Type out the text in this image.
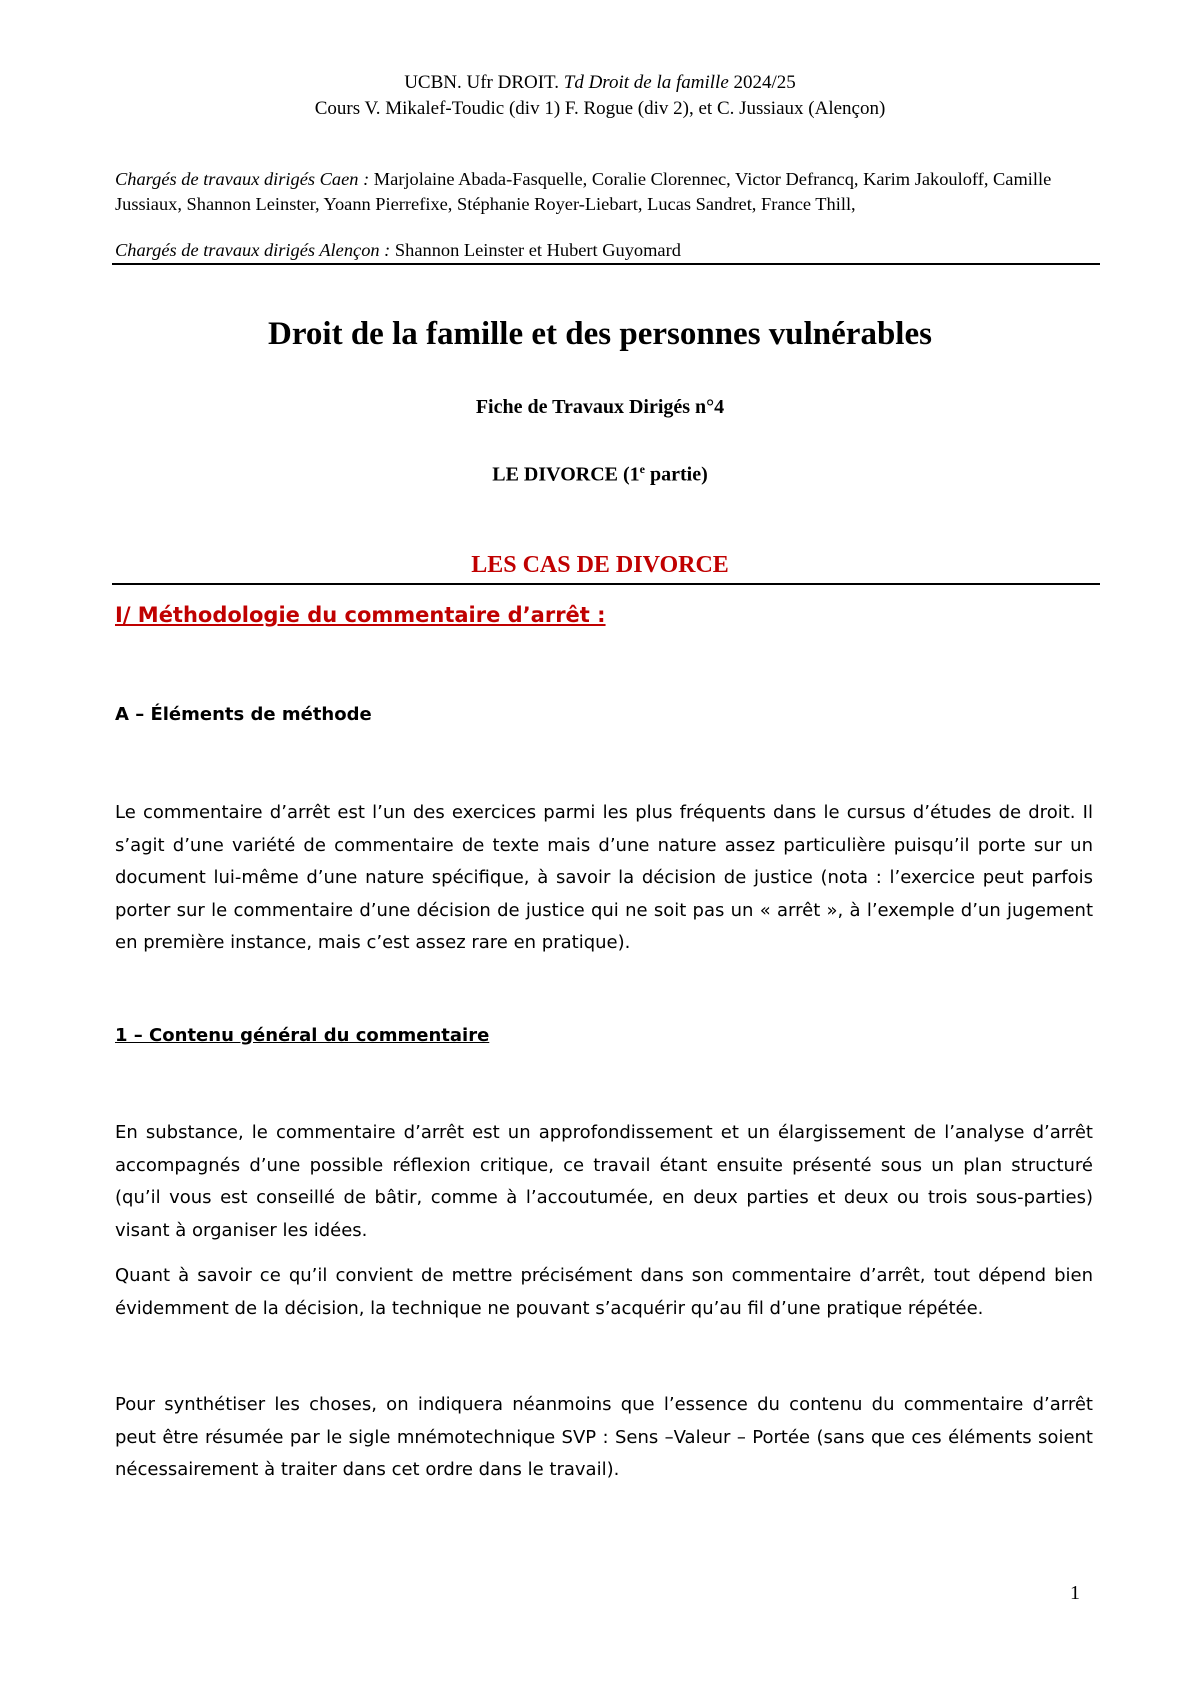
UCBN. Ufr DROIT. Td Droit de la famille 2024/25
Cours V. Mikalef-Toudic (div 1) F. Rogue (div 2), et C. Jussiaux (Alençon)
Chargés de travaux dirigés Caen : Marjolaine Abada-Fasquelle, Coralie Clorennec, Victor Defrancq, Karim Jakouloff, Camille Jussiaux, Shannon Leinster, Yoann Pierrefixe, Stéphanie Royer-Liebart, Lucas Sandret, France Thill,
Chargés de travaux dirigés Alençon : Shannon Leinster et Hubert Guyomard
Droit de la famille et des personnes vulnérables
Fiche de Travaux Dirigés n°4
LE DIVORCE (1e partie)
LES CAS DE DIVORCE
I/ Méthodologie du commentaire d’arrêt :
A – Éléments de méthode
Le commentaire d’arrêt est l’un des exercices parmi les plus fréquents dans le cursus d’études de droit. Il s’agit d’une variété de commentaire de texte mais d’une nature assez particulière puisqu’il porte sur un document lui-même d’une nature spécifique, à savoir la décision de justice (nota : l’exercice peut parfois porter sur le commentaire d’une décision de justice qui ne soit pas un « arrêt », à l’exemple d’un jugement en première instance, mais c’est assez rare en pratique).
1 – Contenu général du commentaire
En substance, le commentaire d’arrêt est un approfondissement et un élargissement de l’analyse d’arrêt accompagnés d’une possible réflexion critique, ce travail étant ensuite présenté sous un plan structuré (qu’il vous est conseillé de bâtir, comme à l’accoutumée, en deux parties et deux ou trois sous-parties) visant à organiser les idées.
Quant à savoir ce qu’il convient de mettre précisément dans son commentaire d’arrêt, tout dépend bien évidemment de la décision, la technique ne pouvant s’acquérir qu’au fil d’une pratique répétée.
Pour synthétiser les choses, on indiquera néanmoins que l’essence du contenu du commentaire d’arrêt peut être résumée par le sigle mnémotechnique SVP : Sens –Valeur – Portée (sans que ces éléments soient nécessairement à traiter dans cet ordre dans le travail).
1
